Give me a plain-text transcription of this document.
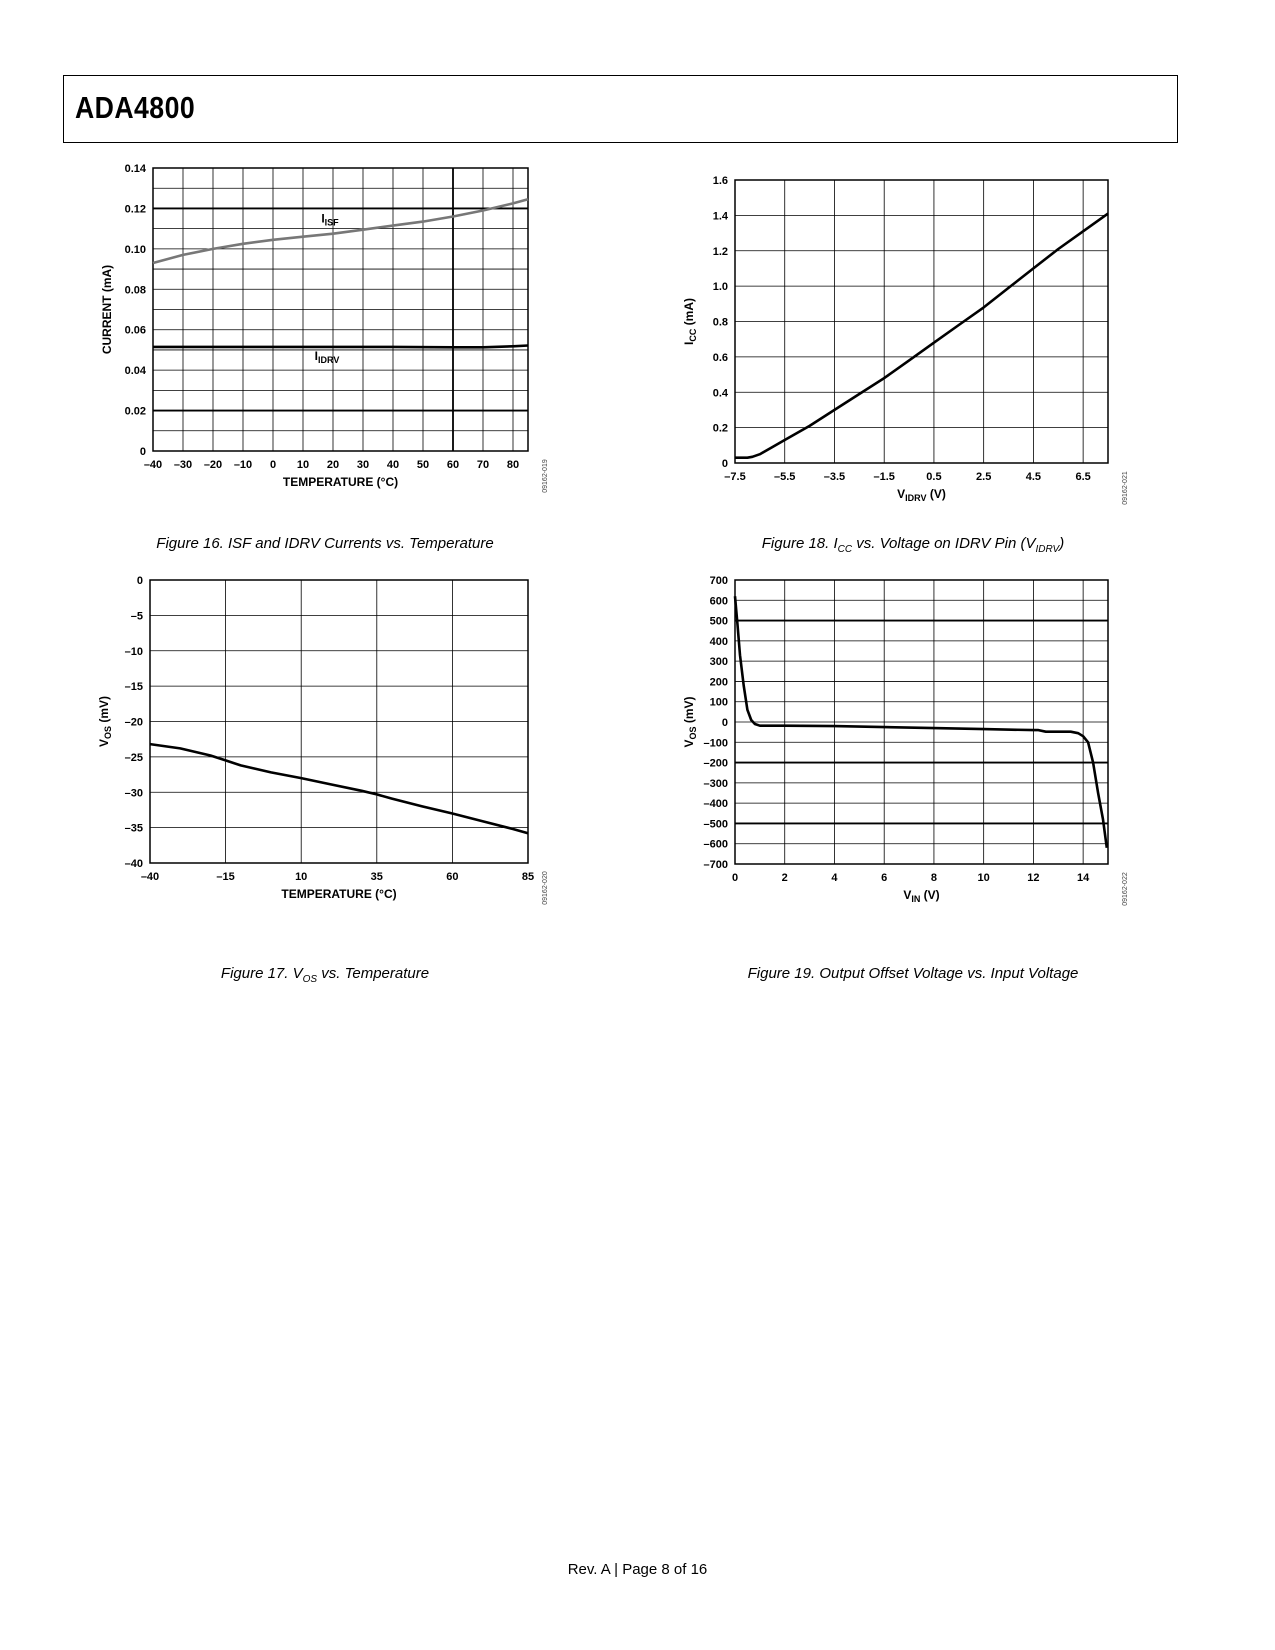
ADA4800
–40 –30 –20 –10 0 10 20 30 40 50 60 70 80
0
0.02
0.04
0.06
0.08
0.10
0.12
0.14
TEMPERATURE (°C)
CURRENT (mA)
$I_{ISF}$
$I_{IDRV}$
09162-019	–7.5	–5.5	–3.5	–1.5	0.5	2.5	4.5	6.5
0
0.2
0.4
0.6
0.8
1.0
1.2
1.4
1.6
$V_{IDRV}$ (V)
$I_{CC}$ (mA)
09162-021
–40	–15	10	35	60	85
0
–5
–10
–15
–20
–25
–30
–35
–40
TEMPERATURE (°C)
$V_{OS}$ (mV)
09162-020	0	2	4	6	8	10	12	14
700
600
500
400
300
200
100
0
–100
–200
–300
–400
–500
–600
–700
$V_{IN}$ (V)
$V_{OS}$ (mV)
09162-022
Figure 16. ISF and IDRV Currents vs. Temperature	Figure 18. $I_{CC}$ vs. Voltage on IDRV Pin $(V_{IDRV})$
Figure 17. $V_{OS}$ vs. Temperature	Figure 19. Output Offset Voltage vs. Input Voltage
Rev. A | Page 8 of 16
